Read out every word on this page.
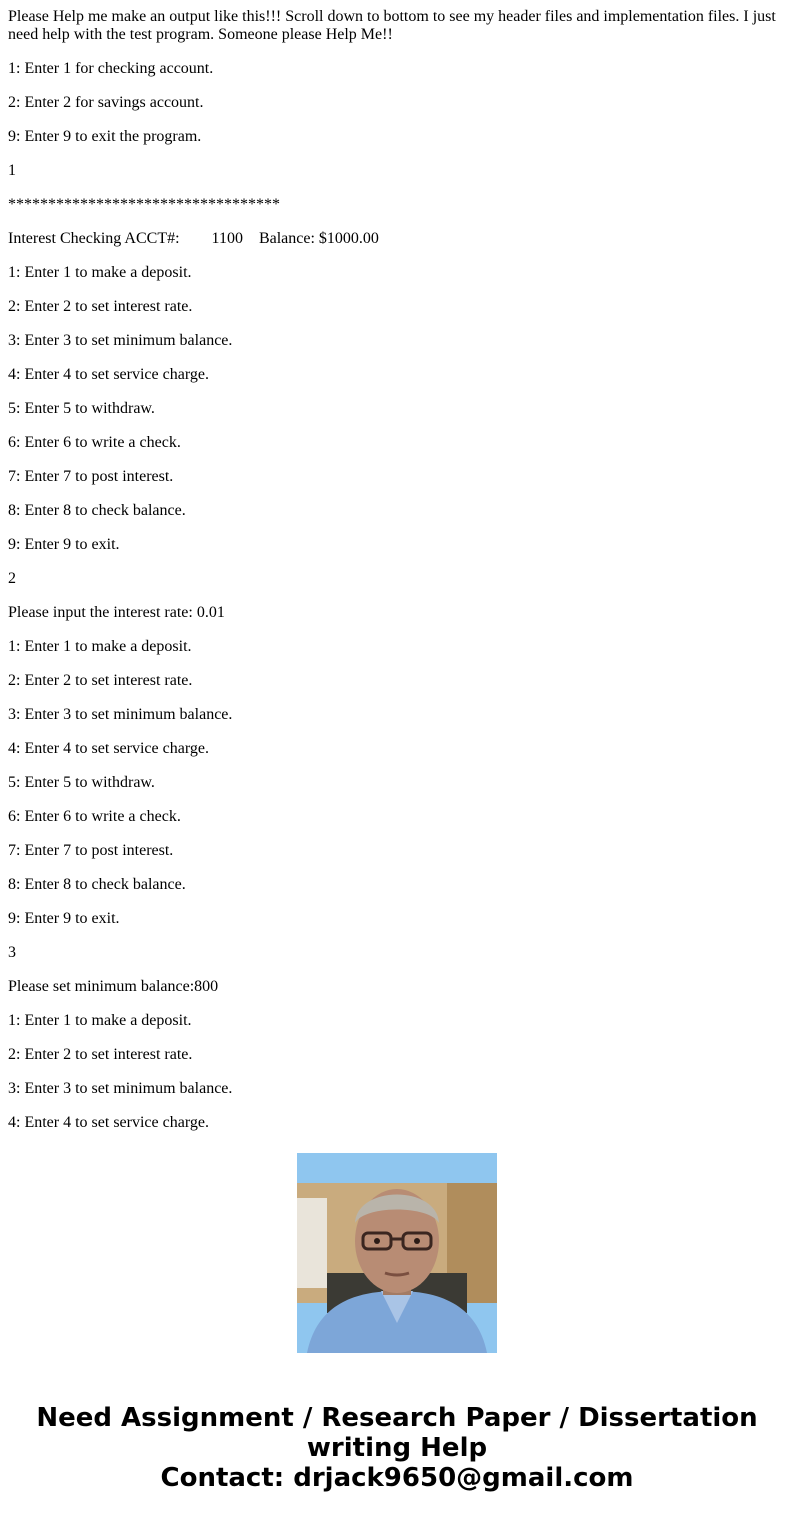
Please Help me make an output like this!!! Scroll down to bottom to see my header files and implementation files. I just need help with the test program. Someone please Help Me!!

1: Enter 1 for checking account.

2: Enter 2 for savings account.

9: Enter 9 to exit the program.

1

**********************************

Interest Checking ACCT#:        1100    Balance: $1000.00

1: Enter 1 to make a deposit.

2: Enter 2 to set interest rate.

3: Enter 3 to set minimum balance.

4: Enter 4 to set service charge.

5: Enter 5 to withdraw.

6: Enter 6 to write a check.

7: Enter 7 to post interest.

8: Enter 8 to check balance.

9: Enter 9 to exit.

2

Please input the interest rate: 0.01

1: Enter 1 to make a deposit.

2: Enter 2 to set interest rate.

3: Enter 3 to set minimum balance.

4: Enter 4 to set service charge.

5: Enter 5 to withdraw.

6: Enter 6 to write a check.

7: Enter 7 to post interest.

8: Enter 8 to check balance.

9: Enter 9 to exit.

3

Please set minimum balance:800

1: Enter 1 to make a deposit.

2: Enter 2 to set interest rate.

3: Enter 3 to set minimum balance.

4: Enter 4 to set service charge.

Need Assignment / Research Paper / Dissertation
writing Help
Contact: drjack9650@gmail.com
